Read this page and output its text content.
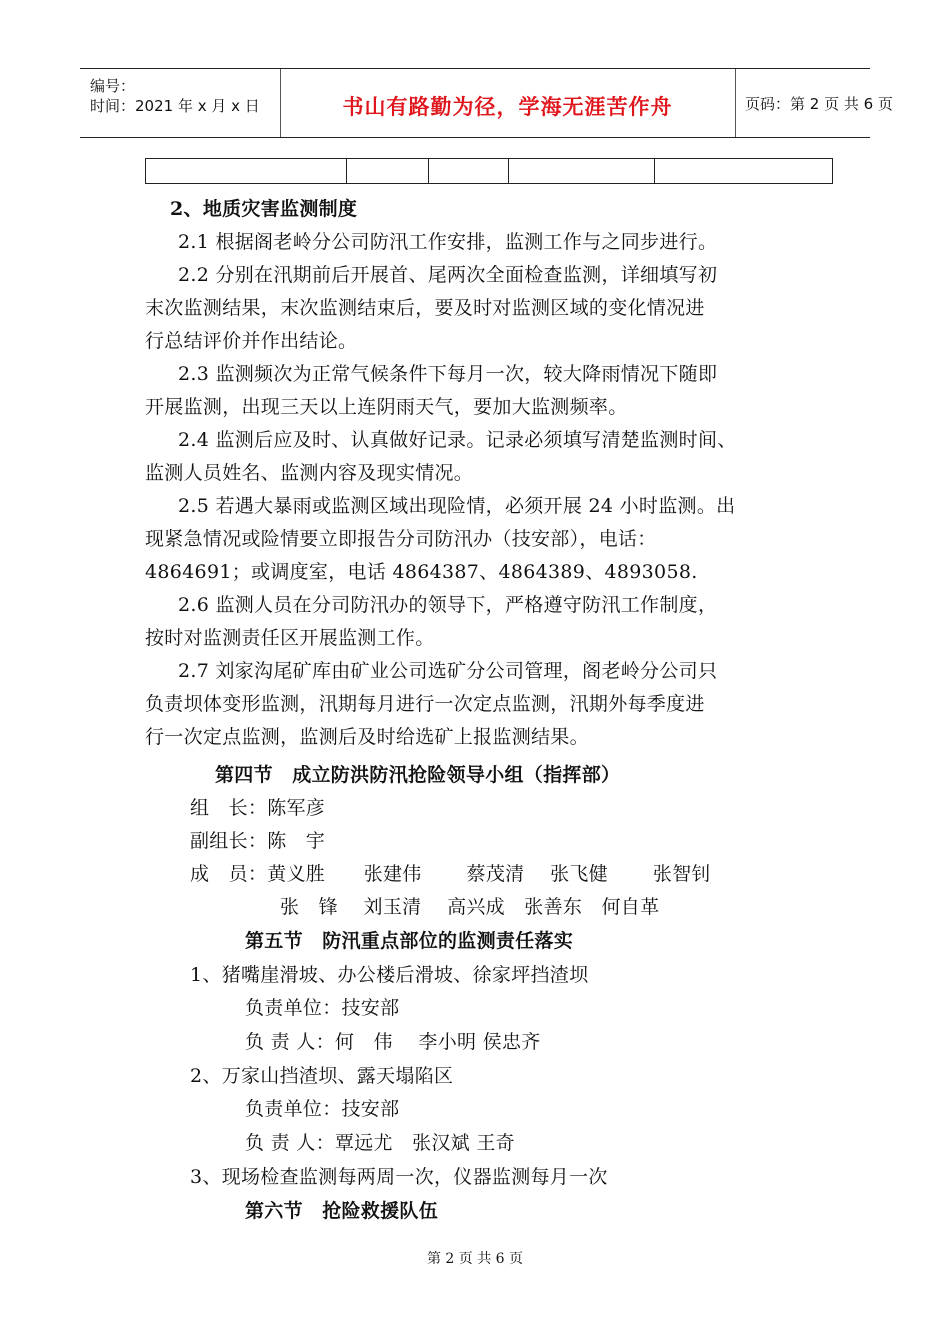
编号：
时间：2021 年 x 月 x 日	书山有路勤为径，学海无涯苦作舟	页码：第 2 页 共 6 页
2、地质灾害监测制度
2.1 根据阁老岭分公司防汛工作安排，监测工作与之同步进行。
2.2 分别在汛期前后开展首、尾两次全面检查监测，详细填写初
末次监测结果，末次监测结束后，要及时对监测区域的变化情况进
行总结评价并作出结论。
2.3 监测频次为正常气候条件下每月一次，较大降雨情况下随即
开展监测，出现三天以上连阴雨天气，要加大监测频率。
2.4 监测后应及时、认真做好记录。记录必须填写清楚监测时间、
监测人员姓名、监测内容及现实情况。
2.5 若遇大暴雨或监测区域出现险情，必须开展 24 小时监测。出
现紧急情况或险情要立即报告分司防汛办（技安部），电话：
4864691；或调度室，电话 4864387、4864389、4893058.
2.6 监测人员在分司防汛办的领导下，严格遵守防汛工作制度，
按时对监测责任区开展监测工作。
2.7 刘家沟尾矿库由矿业公司选矿分公司管理，阁老岭分公司只
负责坝体变形监测，汛期每月进行一次定点监测，汛期外每季度进
行一次定点监测，监测后及时给选矿上报监测结果。
第四节　成立防洪防汛抢险领导小组（指挥部）
组　长：陈军彦
副组长：陈　宇
成　员：黄义胜　　张建伟　　 蔡茂清　 张飞健　　 张智钊
张　锋　 刘玉清　 高兴成　张善东　何自革
第五节　防汛重点部位的监测责任落实
1、猪嘴崖滑坡、办公楼后滑坡、徐家坪挡渣坝
负责单位：技安部
负 责 人：何　伟　 李小明 侯忠齐
2、万家山挡渣坝、露天塌陷区
负责单位：技安部
负 责 人：覃远尤　张汉斌 王奇
3、现场检查监测每两周一次，仪器监测每月一次
第六节　抢险救援队伍
第 2 页 共 6 页
